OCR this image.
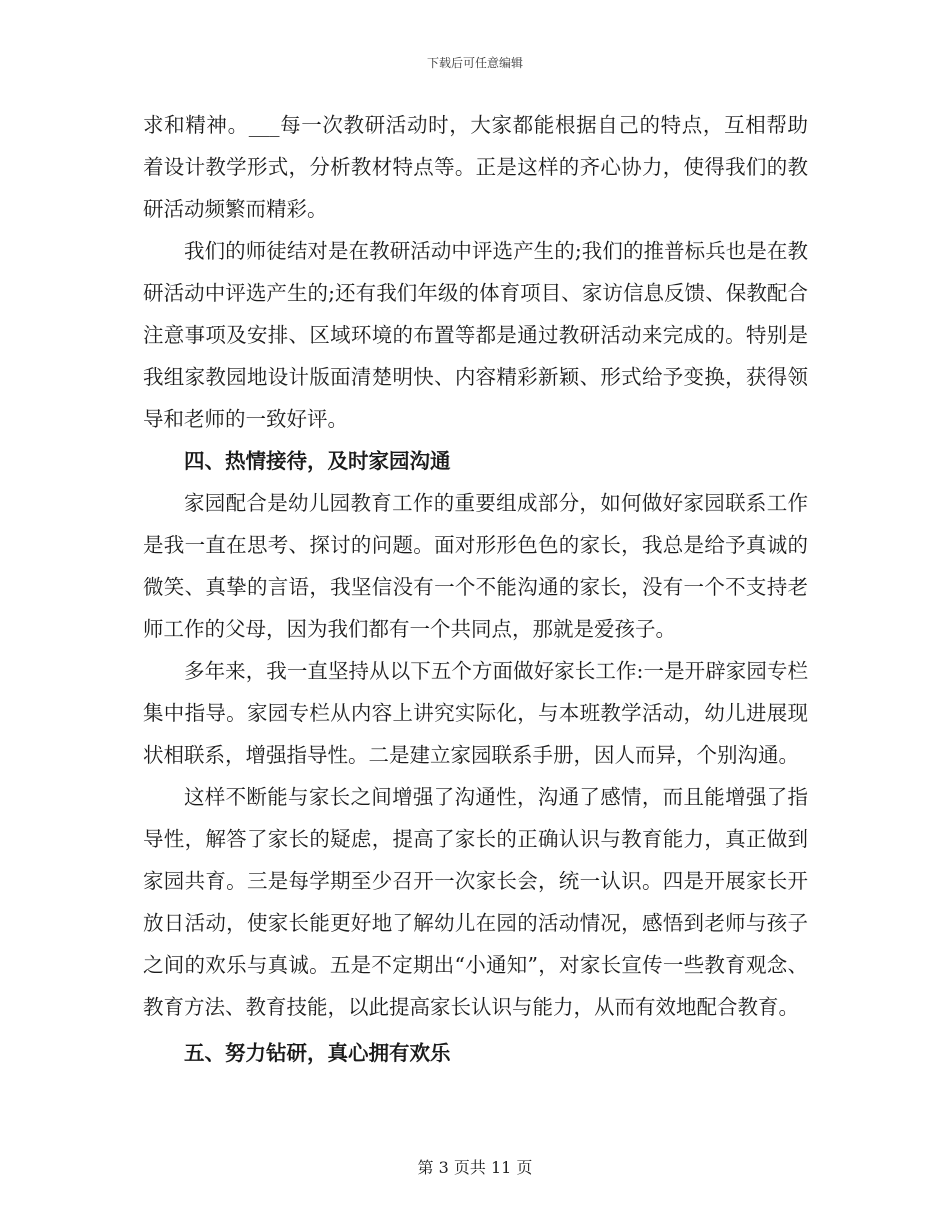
下载后可任意编辑

求和精神。___每一次教研活动时，大家都能根据自己的特点，互相帮助着设计教学形式，分析教材特点等。正是这样的齐心协力，使得我们的教研活动频繁而精彩。

我们的师徒结对是在教研活动中评选产生的;我们的推普标兵也是在教研活动中评选产生的;还有我们年级的体育项目、家访信息反馈、保教配合注意事项及安排、区域环境的布置等都是通过教研活动来完成的。特别是我组家教园地设计版面清楚明快、内容精彩新颖、形式给予变换，获得领导和老师的一致好评。

四、热情接待，及时家园沟通

家园配合是幼儿园教育工作的重要组成部分，如何做好家园联系工作是我一直在思考、探讨的问题。面对形形色色的家长，我总是给予真诚的微笑、真挚的言语，我坚信没有一个不能沟通的家长，没有一个不支持老师工作的父母，因为我们都有一个共同点，那就是爱孩子。

多年来，我一直坚持从以下五个方面做好家长工作:一是开辟家园专栏集中指导。家园专栏从内容上讲究实际化，与本班教学活动，幼儿进展现状相联系，增强指导性。二是建立家园联系手册，因人而异，个别沟通。

这样不断能与家长之间增强了沟通性，沟通了感情，而且能增强了指导性，解答了家长的疑虑，提高了家长的正确认识与教育能力，真正做到家园共育。三是每学期至少召开一次家长会，统一认识。四是开展家长开放日活动，使家长能更好地了解幼儿在园的活动情况，感悟到老师与孩子之间的欢乐与真诚。五是不定期出“小通知”，对家长宣传一些教育观念、教育方法、教育技能，以此提高家长认识与能力，从而有效地配合教育。

五、努力钻研，真心拥有欢乐

第 3 页共 11 页
